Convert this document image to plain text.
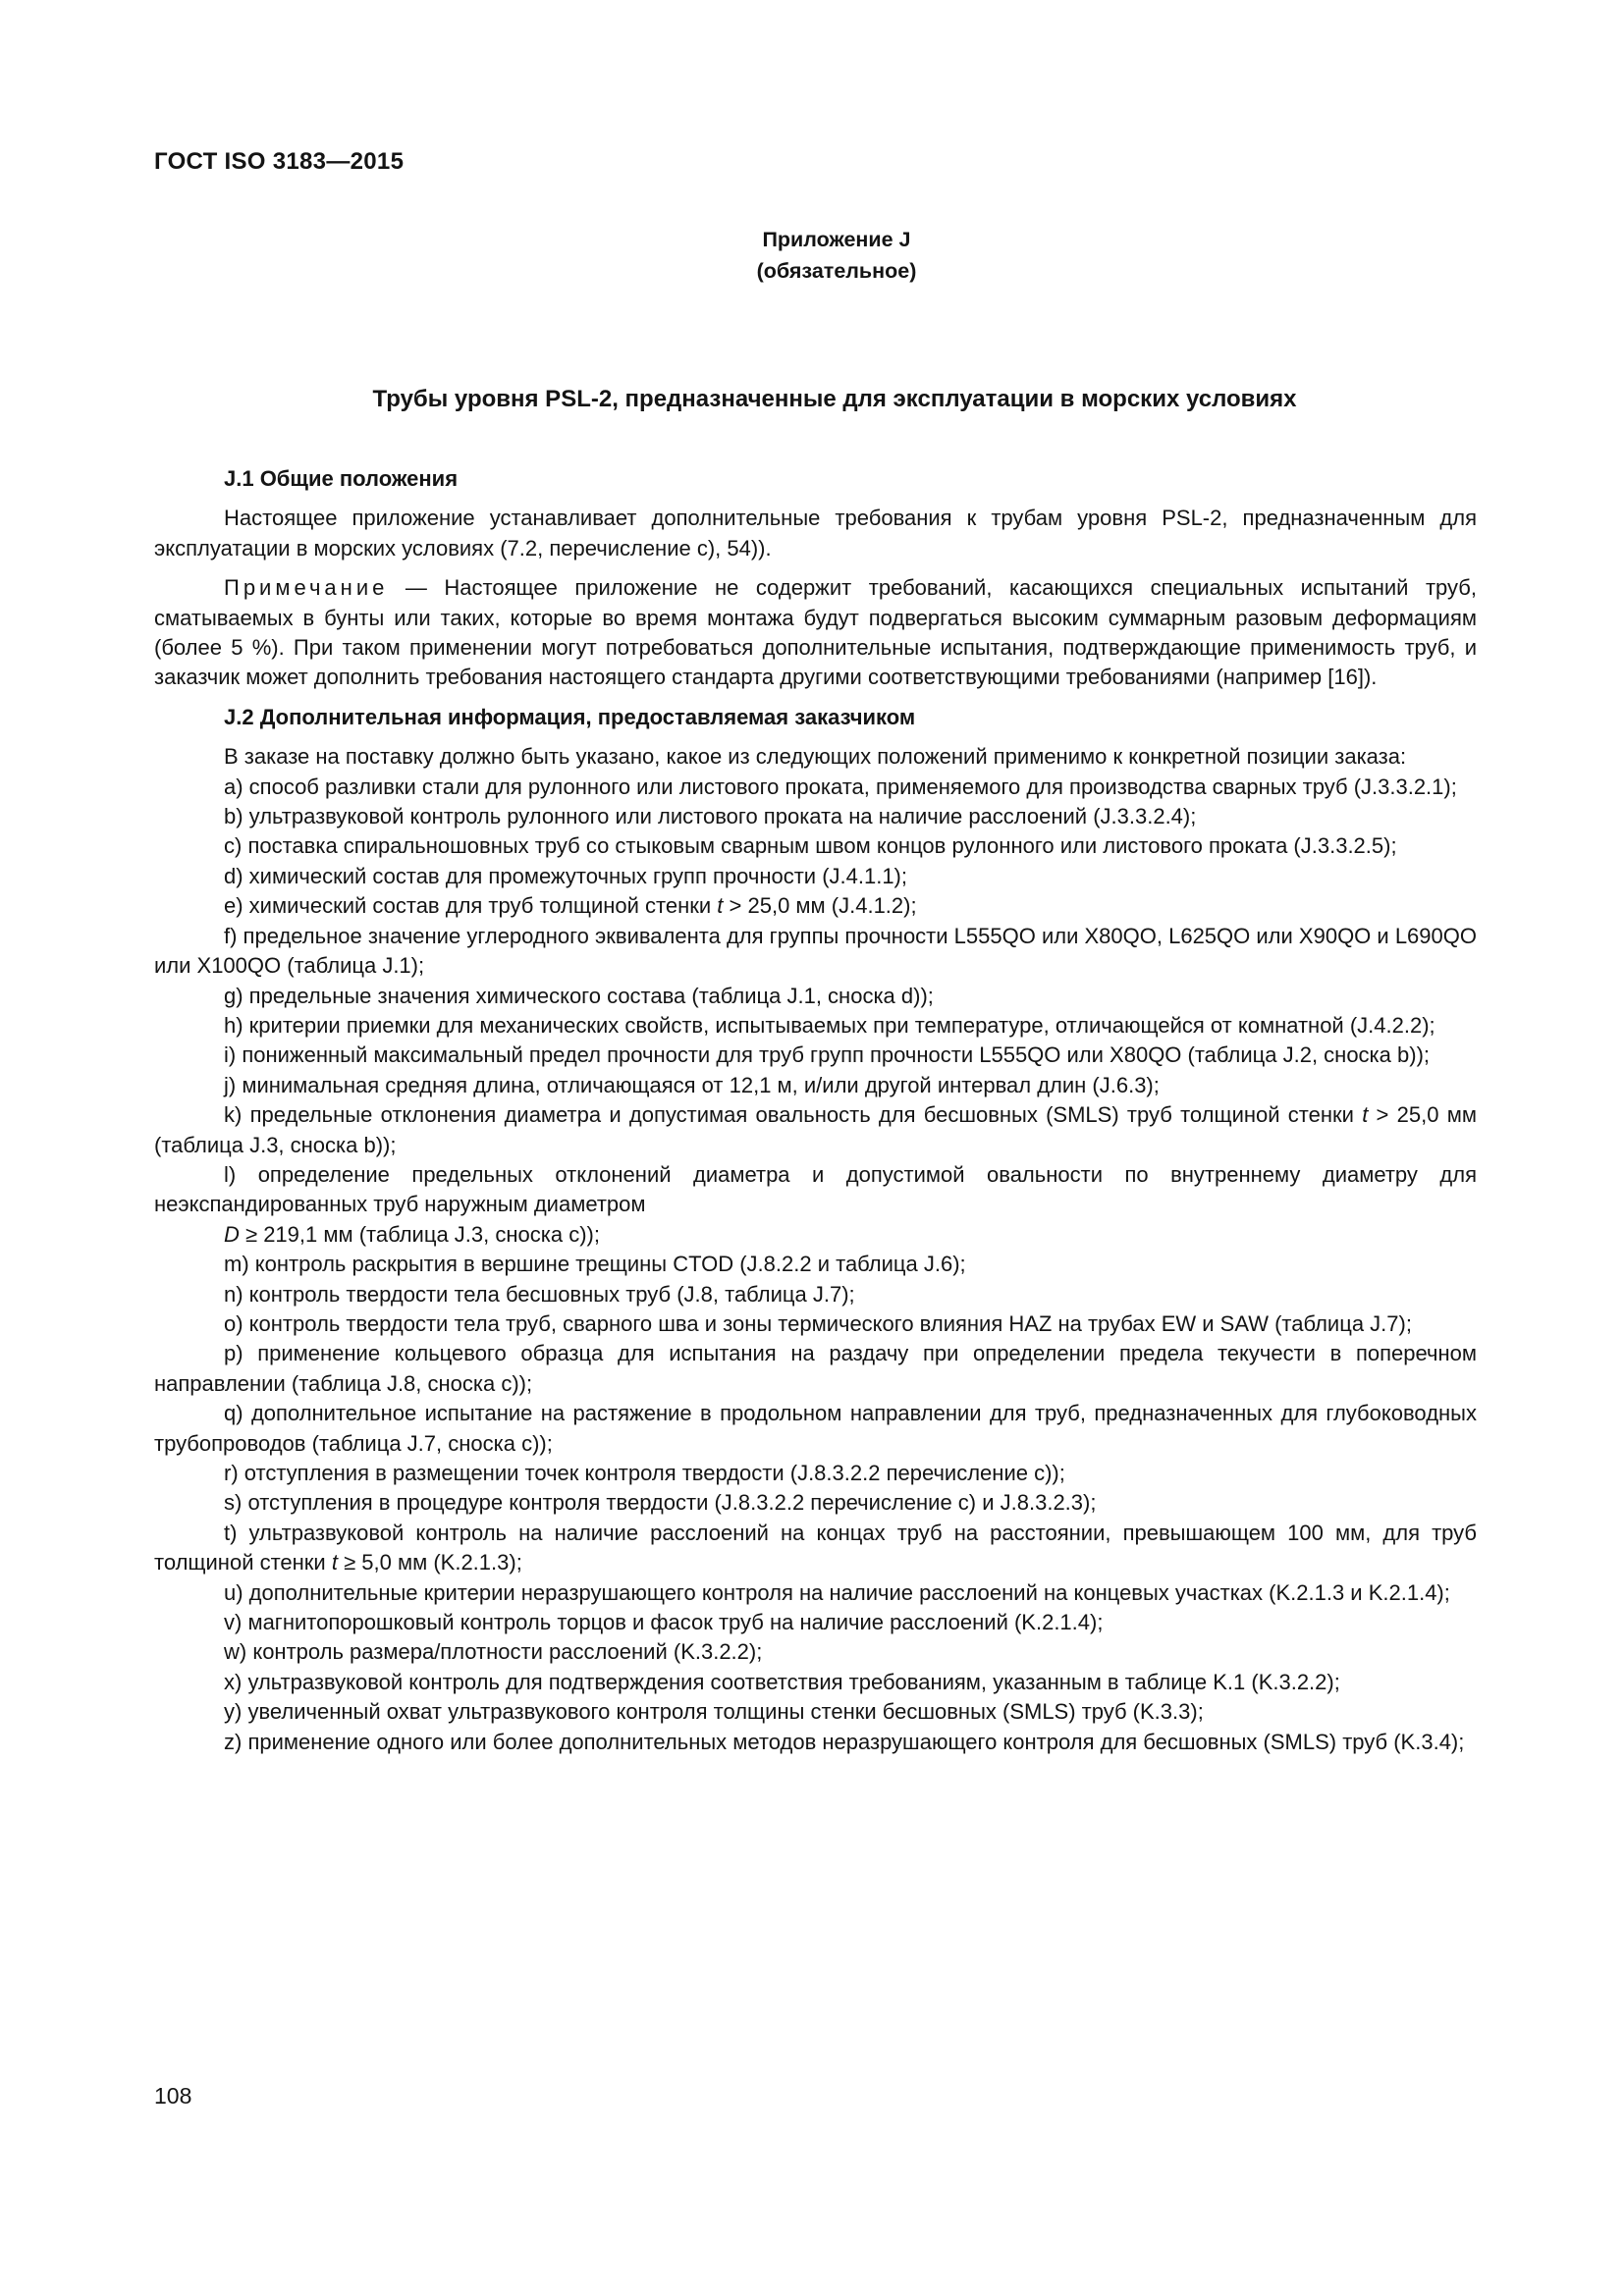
ГОСТ ISO 3183—2015

Приложение J
(обязательное)

Трубы уровня PSL-2, предназначенные для эксплуатации в морских условиях

J.1 Общие положения

Настоящее приложение устанавливает дополнительные требования к трубам уровня PSL-2, предназначенным для эксплуатации в морских условиях (7.2, перечисление с), 54)).

Примечание — Настоящее приложение не содержит требований, касающихся специальных испытаний труб, сматываемых в бунты или таких, которые во время монтажа будут подвергаться высоким суммарным разовым деформациям (более 5 %). При таком применении могут потребоваться дополнительные испытания, подтверждающие применимость труб, и заказчик может дополнить требования настоящего стандарта другими соответствующими требованиями (например [16]).

J.2 Дополнительная информация, предоставляемая заказчиком

В заказе на поставку должно быть указано, какое из следующих положений применимо к конкретной позиции заказа:

a) способ разливки стали для рулонного или листового проката, применяемого для производства сварных труб (J.3.3.2.1);

b) ультразвуковой контроль рулонного или листового проката на наличие расслоений (J.3.3.2.4);

c) поставка спиральношовных труб со стыковым сварным швом концов рулонного или листового проката (J.3.3.2.5);

d) химический состав для промежуточных групп прочности (J.4.1.1);

e) химический состав для труб толщиной стенки t > 25,0 мм (J.4.1.2);

f) предельное значение углеродного эквивалента для группы прочности L555QO или X80QO, L625QO или X90QO и L690QO или X100QO (таблица J.1);

g) предельные значения химического состава (таблица J.1, сноска d));

h) критерии приемки для механических свойств, испытываемых при температуре, отличающейся от комнатной (J.4.2.2);

i) пониженный максимальный предел прочности для труб групп прочности L555QO или X80QO (таблица J.2, сноска b));

j) минимальная средняя длина, отличающаяся от 12,1 м, и/или другой интервал длин (J.6.3);

k) предельные отклонения диаметра и допустимая овальность для бесшовных (SMLS) труб толщиной стенки t > 25,0 мм (таблица J.3, сноска b));

l) определение предельных отклонений диаметра и допустимой овальности по внутреннему диаметру для неэкспандированных труб наружным диаметром

D ≥ 219,1 мм (таблица J.3, сноска c));

m) контроль раскрытия в вершине трещины CTOD (J.8.2.2 и таблица J.6);

n) контроль твердости тела бесшовных труб (J.8, таблица J.7);

o) контроль твердости тела труб, сварного шва и зоны термического влияния HAZ на трубах EW и SAW (таблица J.7);

p) применение кольцевого образца для испытания на раздачу при определении предела текучести в поперечном направлении (таблица J.8, сноска c));

q) дополнительное испытание на растяжение в продольном направлении для труб, предназначенных для глубоководных трубопроводов (таблица J.7, сноска c));

r) отступления в размещении точек контроля твердости (J.8.3.2.2 перечисление c));

s) отступления в процедуре контроля твердости (J.8.3.2.2 перечисление c) и J.8.3.2.3);

t) ультразвуковой контроль на наличие расслоений на концах труб на расстоянии, превышающем 100 мм, для труб толщиной стенки t ≥ 5,0 мм (K.2.1.3);

u) дополнительные критерии неразрушающего контроля на наличие расслоений на концевых участках (K.2.1.3 и K.2.1.4);

v) магнитопорошковый контроль торцов и фасок труб на наличие расслоений (K.2.1.4);

w) контроль размера/плотности расслоений (K.3.2.2);

x) ультразвуковой контроль для подтверждения соответствия требованиям, указанным в таблице K.1 (K.3.2.2);

y) увеличенный охват ультразвукового контроля толщины стенки бесшовных (SMLS) труб (K.3.3);

z) применение одного или более дополнительных методов неразрушающего контроля для бесшовных (SMLS) труб (K.3.4);

108
